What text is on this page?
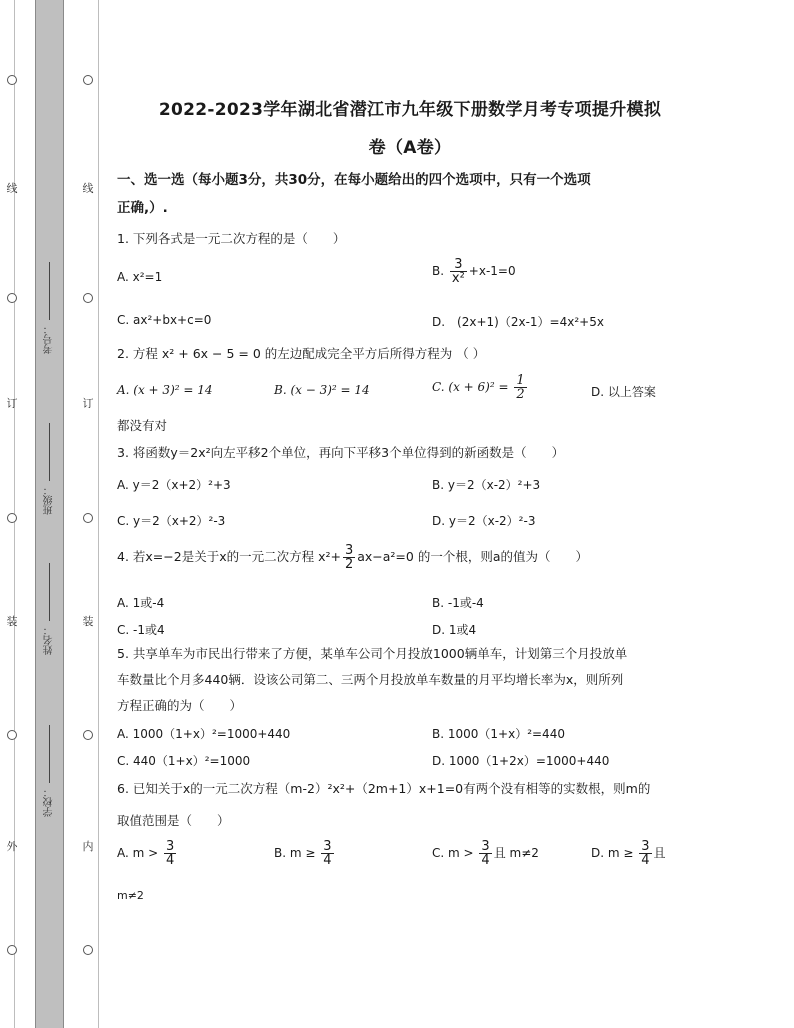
线
订
装
外
线
订
装
内
考号：
班级：
姓名：
学校：
2022-2023学年湖北省潜江市九年级下册数学月考专项提升模拟
卷（A卷）
一、选一选（每小题3分，共30分，在每小题给出的四个选项中，只有一个选项
正确,）.
1. 下列各式是一元二次方程的是（　　）
A. x²=1	B. $\frac{3}{\text{x²}} +x-1=0$
C. ax²+bx+c=0	D.　(2x+1)（2x-1）=4x²+5x
2. 方程 x² + 6x − 5 = 0 的左边配成完全平方后所得方程为 （ ）
A. (x + 3)² = 14	B. (x − 3)² = 14	C. $(x + 6)^2 = \frac{1}{2}$	D. 以上答案
都没有对
3. 将函数y＝2x²向左平移2个单位，再向下平移3个单位得到的新函数是（　　）
A. y＝2（x+2）²+3	B. y＝2（x-2）²+3
C. y＝2（x+2）²-3	D. y＝2（x-2）²-3
4. 若x=−2是关于x的一元二次方程 $x^2+ \frac{3}{2} ax-a^2=0$ 的一个根，则a的值为（　　）
A. 1或-4	B. -1或-4
C. -1或4	D. 1或4
5. 共享单车为市民出行带来了方便，某单车公司个月投放1000辆单车，计划第三个月投放单
车数量比个月多440辆．设该公司第二、三两个月投放单车数量的月平均增长率为x，则所列
方程正确的为（　　）
A. 1000（1+x）²=1000+440	B. 1000（1+x）²=440
C. 440（1+x）²=1000	D. 1000（1+2x）=1000+440
6. 已知关于x的一元二次方程（m-2）²x²+（2m+1）x+1=0有两个没有相等的实数根，则m的
取值范围是（　　）
A. $m > \frac{3}{4}$	B. $m \ge \frac{3}{4}$	C. $m > \frac{3}{4}$ 且 m≠2	D. $m \ge \frac{3}{4}$ 且
m≠2
